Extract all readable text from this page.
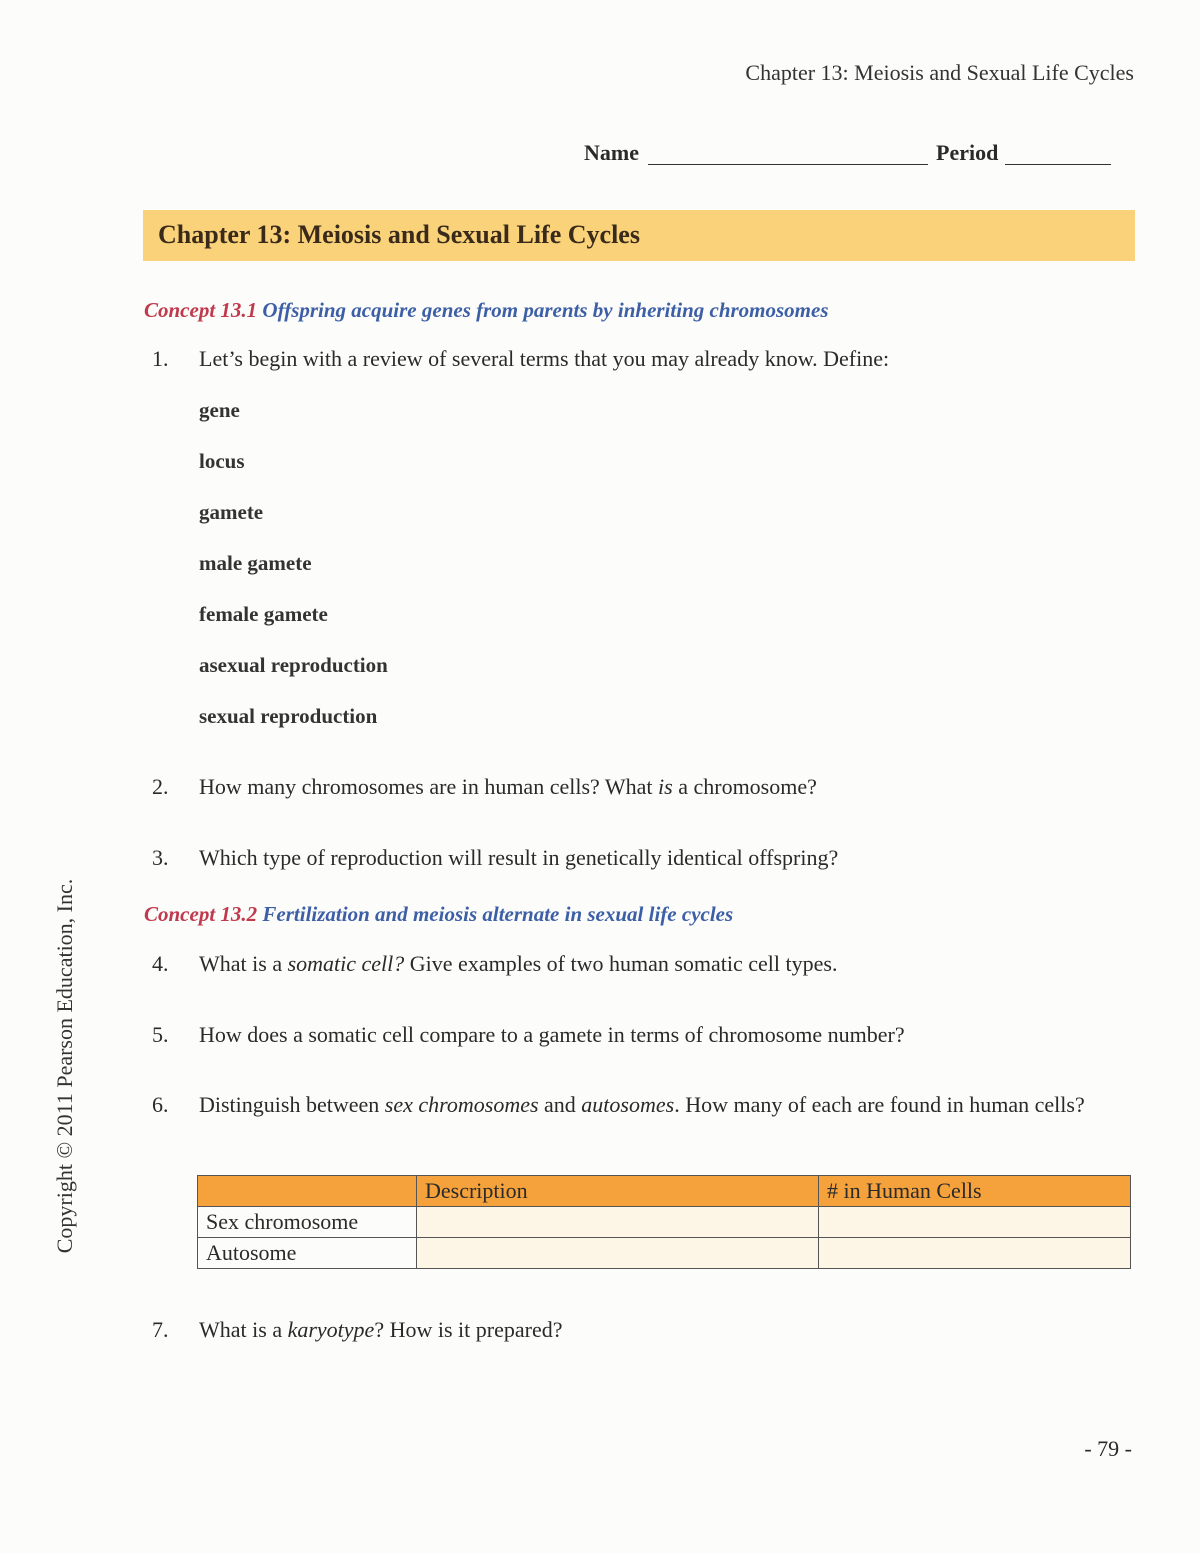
Chapter 13: Meiosis and Sexual Life Cycles
Name	Period
Chapter 13: Meiosis and Sexual Life Cycles
Concept 13.1 Offspring acquire genes from parents by inheriting chromosomes
1. Let’s begin with a review of several terms that you may already know. Define:
gene
locus
gamete
male gamete
female gamete
asexual reproduction
sexual reproduction
2. How many chromosomes are in human cells? What is a chromosome?
3. Which type of reproduction will result in genetically identical offspring?
Concept 13.2 Fertilization and meiosis alternate in sexual life cycles
4. What is a somatic cell? Give examples of two human somatic cell types.
5. How does a somatic cell compare to a gamete in terms of chromosome number?
6. Distinguish between sex chromosomes and autosomes. How many of each are found in human cells?
	Description	# in Human Cells
Sex chromosome		
Autosome		
7. What is a karyotype? How is it prepared?
Copyright © 2011 Pearson Education, Inc.
- 79 -
